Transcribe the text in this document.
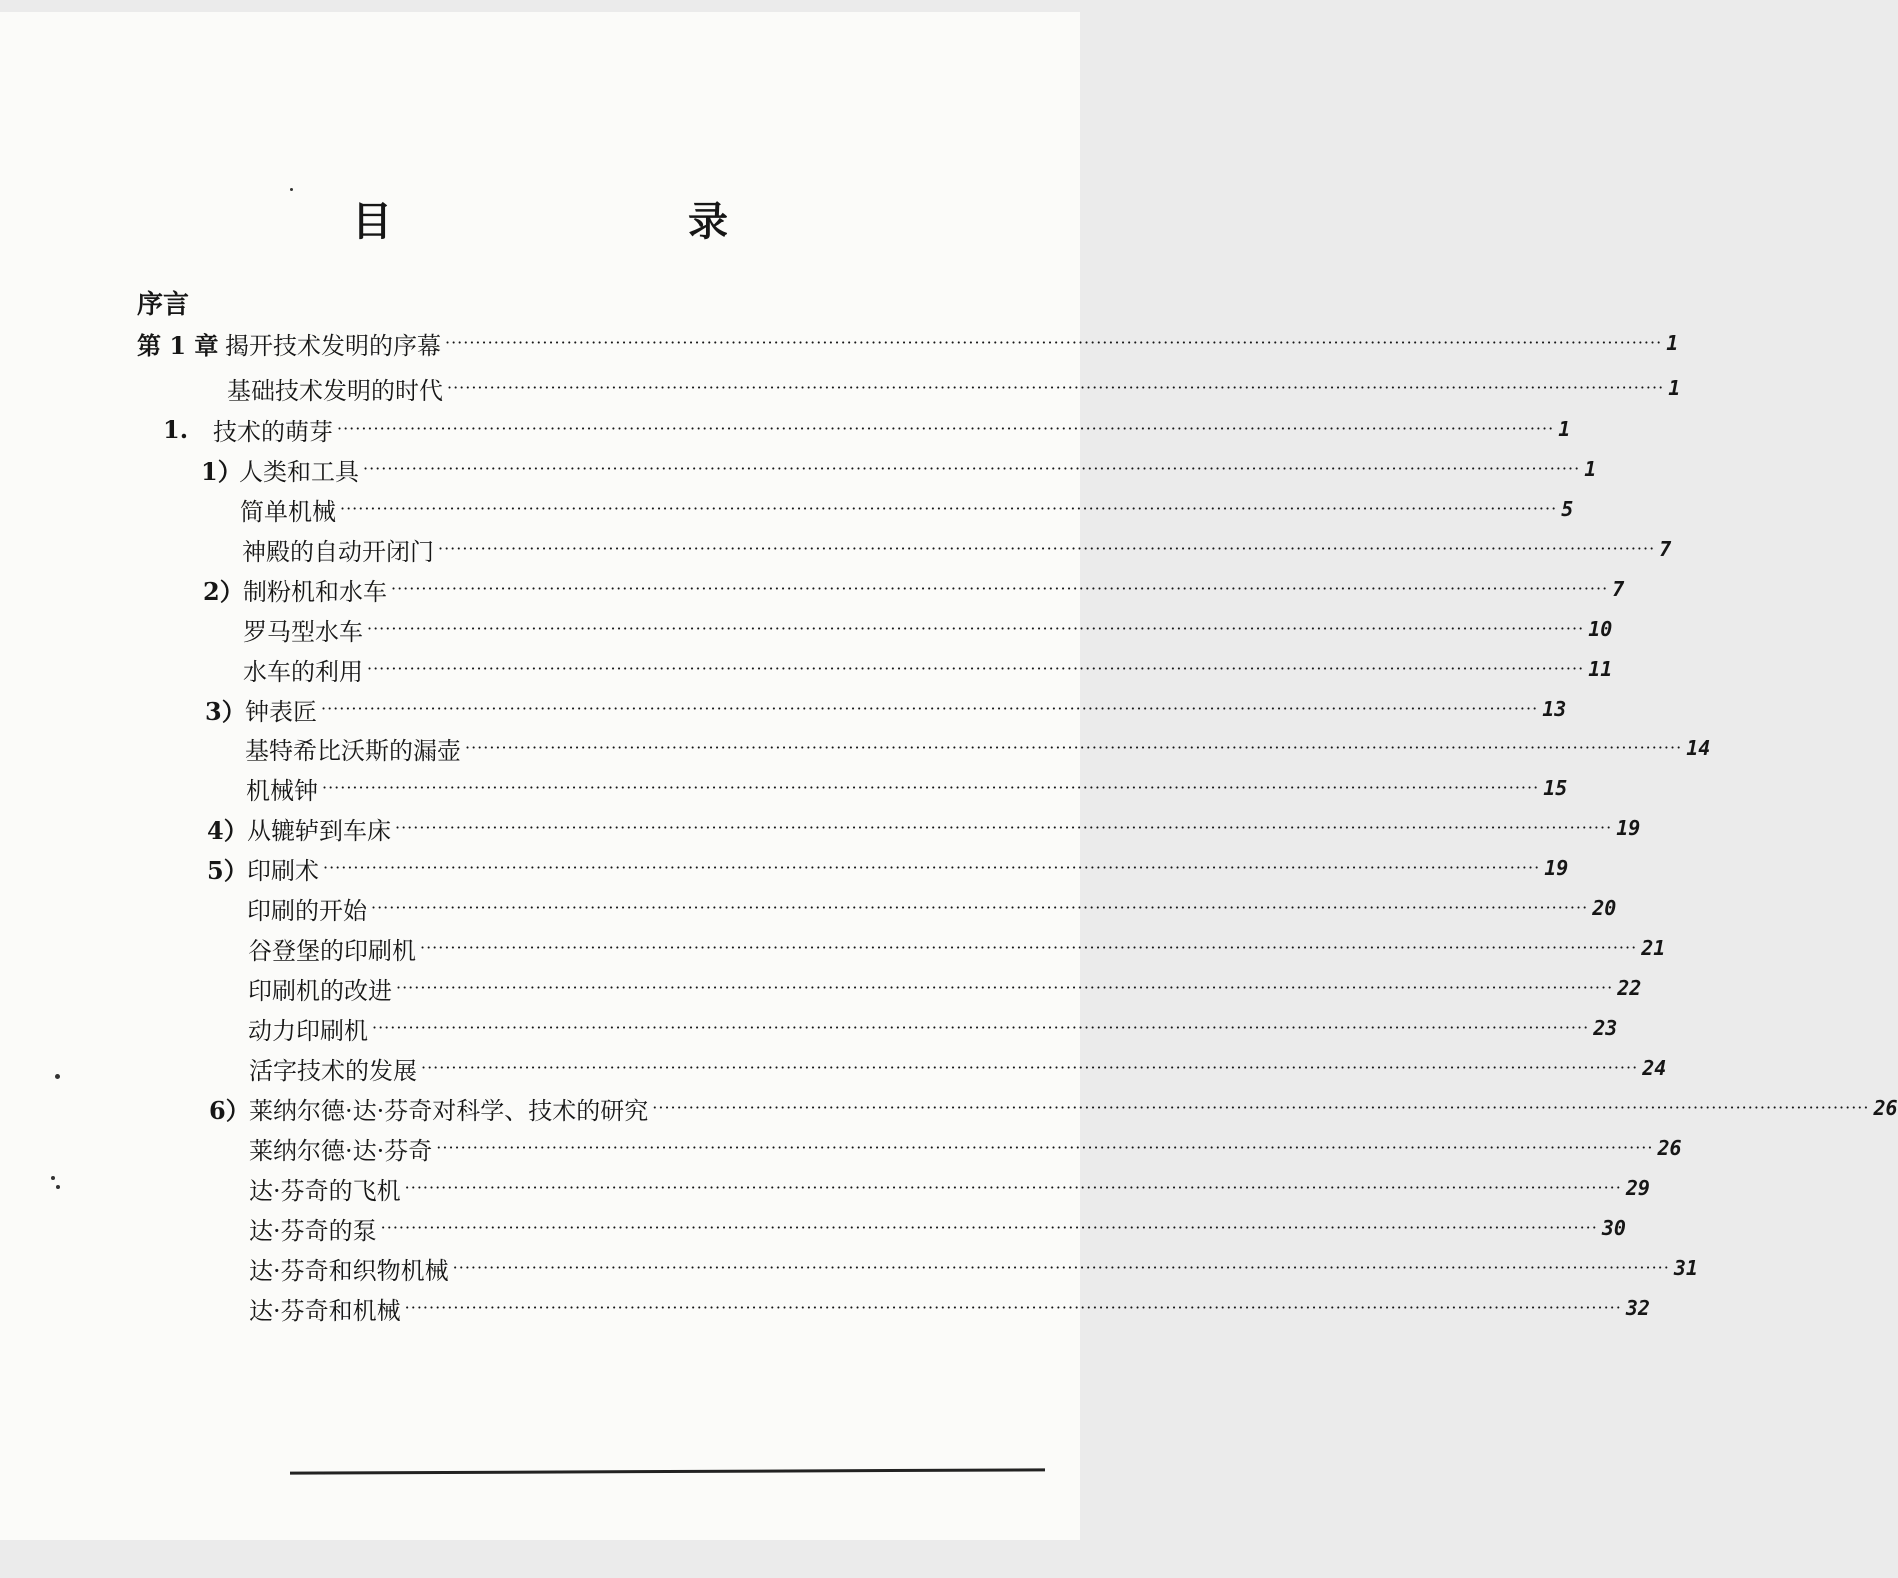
目　　录
序言
第 1 章 揭开技术发明的序幕 ········································································································································································································ 1
基础技术发明的时代 ········································································································································································································ 1
1.	技术的萌芽 ········································································································································································································ 1
1）
人类和工具 ········································································································································································································ 1
简单机械 ········································································································································································································ 5
神殿的自动开闭门 ········································································································································································································ 7
2） 制粉机和水车 ········································································································································································································ 7
罗马型水车 ········································································································································································································ 10
水车的利用 ········································································································································································································ 11
3） 钟表匠 ········································································································································································································ 13
基特希比沃斯的漏壶 ········································································································································································································ 14
机械钟 ········································································································································································································ 15
4） 从辘轳到车床 ········································································································································································································ 19
5） 印刷术 ········································································································································································································ 19
印刷的开始 ········································································································································································································ 20
谷登堡的印刷机 ········································································································································································································ 21
印刷机的改进 ········································································································································································································ 22
动力印刷机 ········································································································································································································ 23
活字技术的发展 ········································································································································································································ 24
6） 莱纳尔德·达·芬奇对科学、技术的研究 ········································································································································································································ 26
莱纳尔德·达·芬奇 ········································································································································································································ 26
达·芬奇的飞机 ········································································································································································································ 29
达·芬奇的泵 ········································································································································································································ 30
达·芬奇和织物机械 ········································································································································································································ 31
达·芬奇和机械 ········································································································································································································ 32
